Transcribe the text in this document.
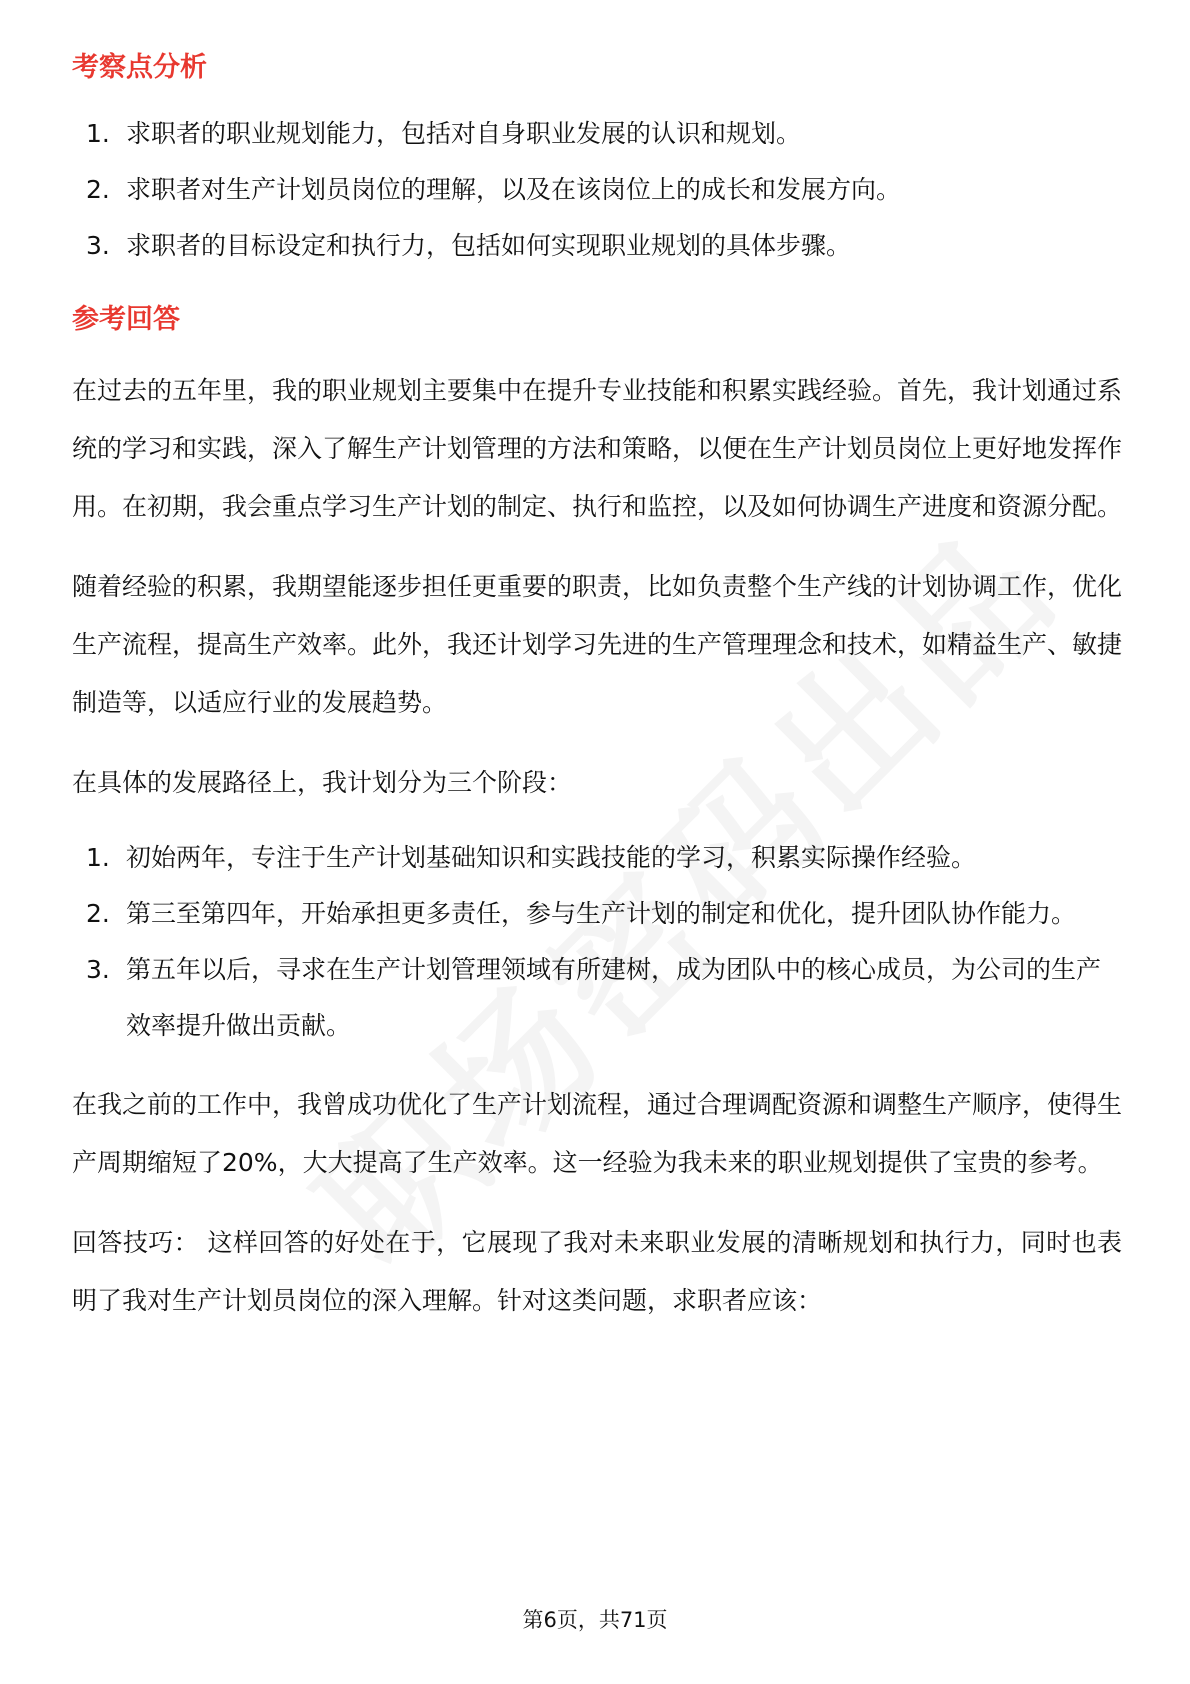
考察点分析
1. 求职者的职业规划能力，包括对自身职业发展的认识和规划。
2. 求职者对生产计划员岗位的理解，以及在该岗位上的成长和发展方向。
3. 求职者的目标设定和执行力，包括如何实现职业规划的具体步骤。
参考回答

在过去的五年里，我的职业规划主要集中在提升专业技能和积累实践经验。首先，我计划通过系统的学习和实践，深入了解生产计划管理的方法和策略，以便在生产计划员岗位上更好地发挥作用。在初期，我会重点学习生产计划的制定、执行和监控，以及如何协调生产进度和资源分配。

随着经验的积累，我期望能逐步担任更重要的职责，比如负责整个生产线的计划协调工作，优化生产流程，提高生产效率。此外，我还计划学习先进的生产管理理念和技术，如精益生产、敏捷制造等，以适应行业的发展趋势。

在具体的发展路径上，我计划分为三个阶段：

1. 初始两年，专注于生产计划基础知识和实践技能的学习，积累实际操作经验。
2. 第三至第四年，开始承担更多责任，参与生产计划的制定和优化，提升团队协作能力。
3. 第五年以后，寻求在生产计划管理领域有所建树，成为团队中的核心成员，为公司的生产效率提升做出贡献。

在我之前的工作中，我曾成功优化了生产计划流程，通过合理调配资源和调整生产顺序，使得生产周期缩短了20%，大大提高了生产效率。这一经验为我未来的职业规划提供了宝贵的参考。

回答技巧： 这样回答的好处在于，它展现了我对未来职业发展的清晰规划和执行力，同时也表明了我对生产计划员岗位的深入理解。针对这类问题，求职者应该：

第6页，共71页
